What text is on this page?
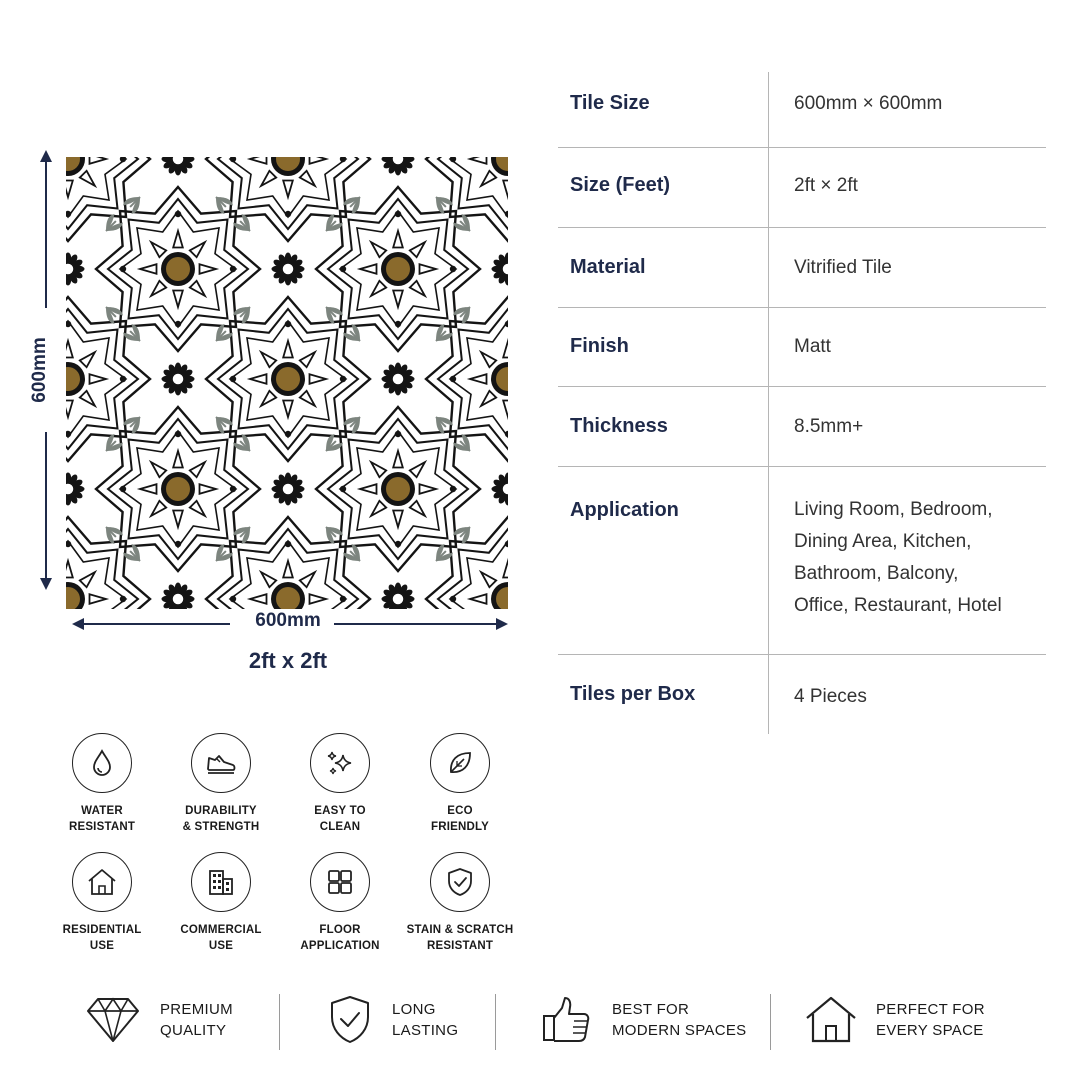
600mm
600mm
2ft x 2ft
Tile Size	600mm × 600mm
Size (Feet)	2ft × 2ft
Material	Vitrified Tile
Finish	Matt
Thickness	8.5mm+
Application	Living Room, Bedroom,
Dining Area, Kitchen,
Bathroom, Balcony,
Office, Restaurant, Hotel
Tiles per Box	4 Pieces
WATER
RESISTANT
DURABILITY
& STRENGTH
EASY TO
CLEAN
ECO
FRIENDLY
RESIDENTIAL
USE
COMMERCIAL
USE
FLOOR
APPLICATION
STAIN & SCRATCH
RESISTANT
PREMIUM
QUALITY
LONG
LASTING
BEST FOR
MODERN SPACES
PERFECT FOR
EVERY SPACE
